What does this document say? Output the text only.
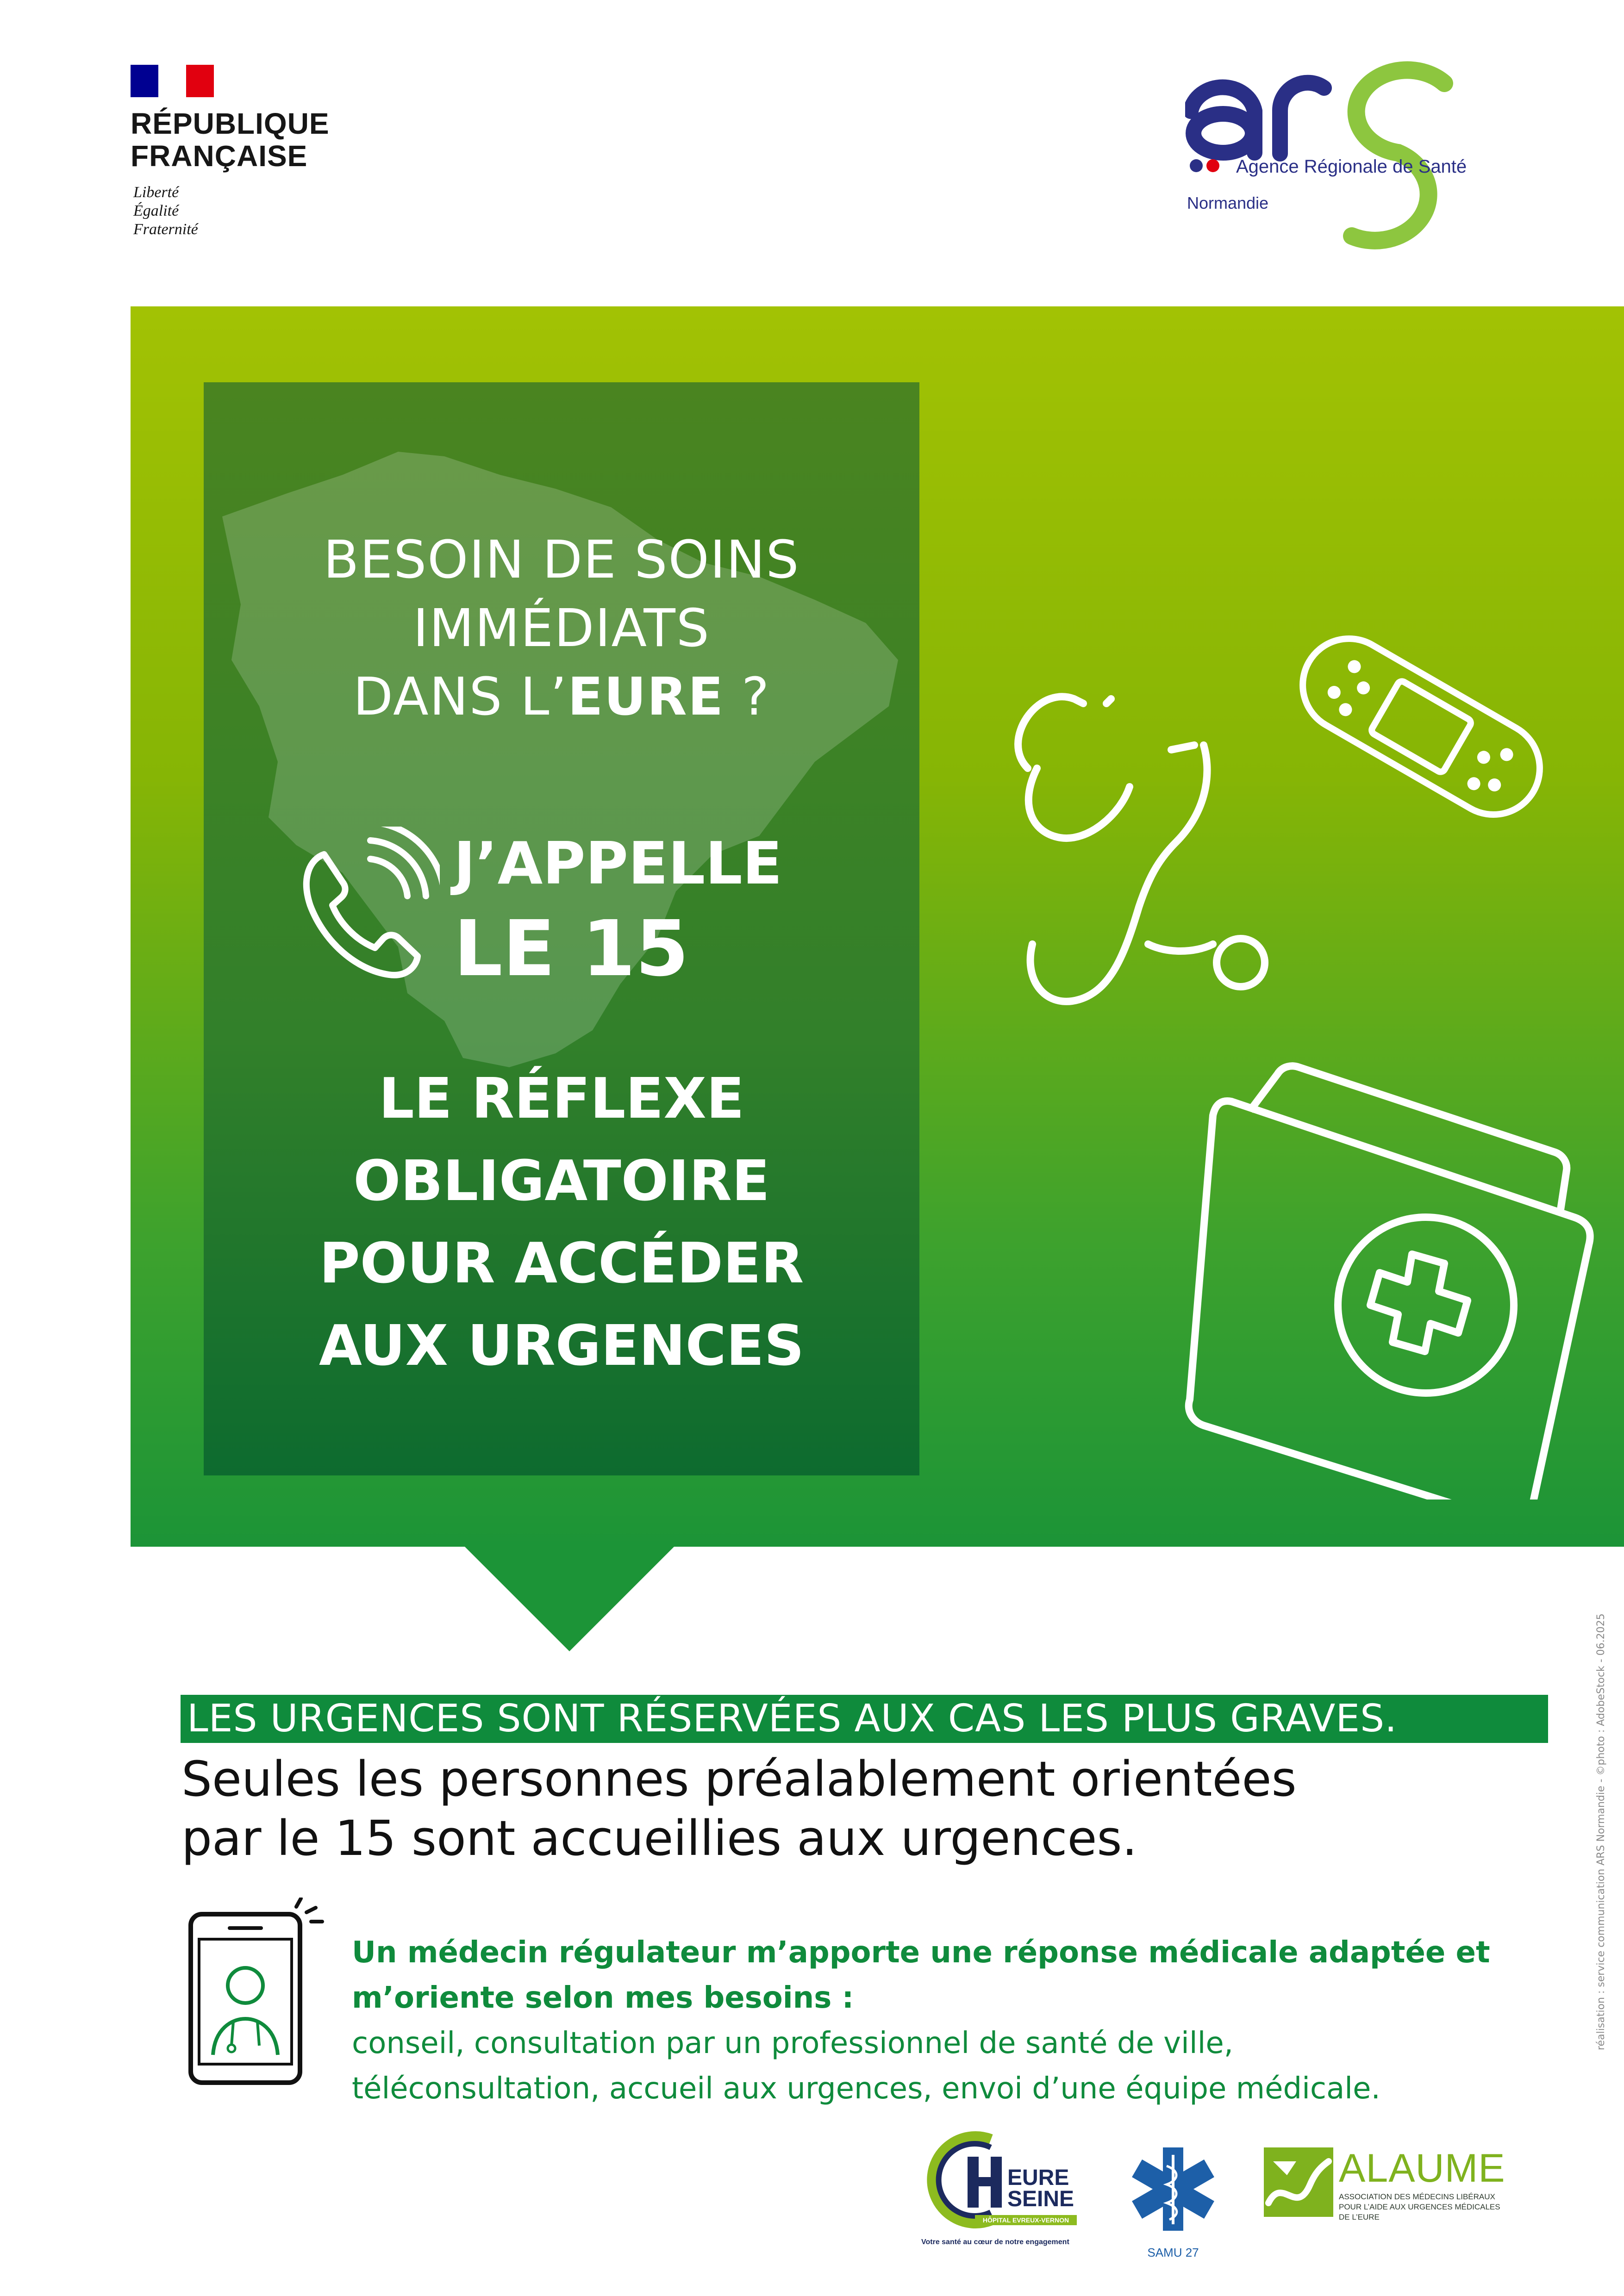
RÉPUBLIQUE
FRANÇAISE
Liberté
Égalité
Fraternité
Agence Régionale de Santé
Normandie
BESOIN DE SOINS
IMMÉDIATS
DANS L’EURE ?
J’APPELLE
LE 15
LE RÉFLEXE
OBLIGATOIRE
POUR ACCÉDER
AUX URGENCES
LES URGENCES SONT RÉSERVÉES AUX CAS LES PLUS GRAVES.
Seules les personnes préalablement orientées
par le 15 sont accueillies aux urgences.
Un médecin régulateur m’apporte une réponse médicale adaptée et
m’oriente selon mes besoins :
conseil, consultation par un professionnel de santé de ville,
téléconsultation, accueil aux urgences, envoi d’une équipe médicale.
EURE
SEINE
HÔPITAL EVREUX-VERNON
Votre santé au cœur de notre engagement
SAMU 27
ALAUME
ASSOCIATION DES MÉDECINS LIBÉRAUX POUR L’AIDE AUX URGENCES MÉDICALES DE L’EURE
réalisation : service communication ARS Normandie - ©photo : AdobeStock - 06.2025
